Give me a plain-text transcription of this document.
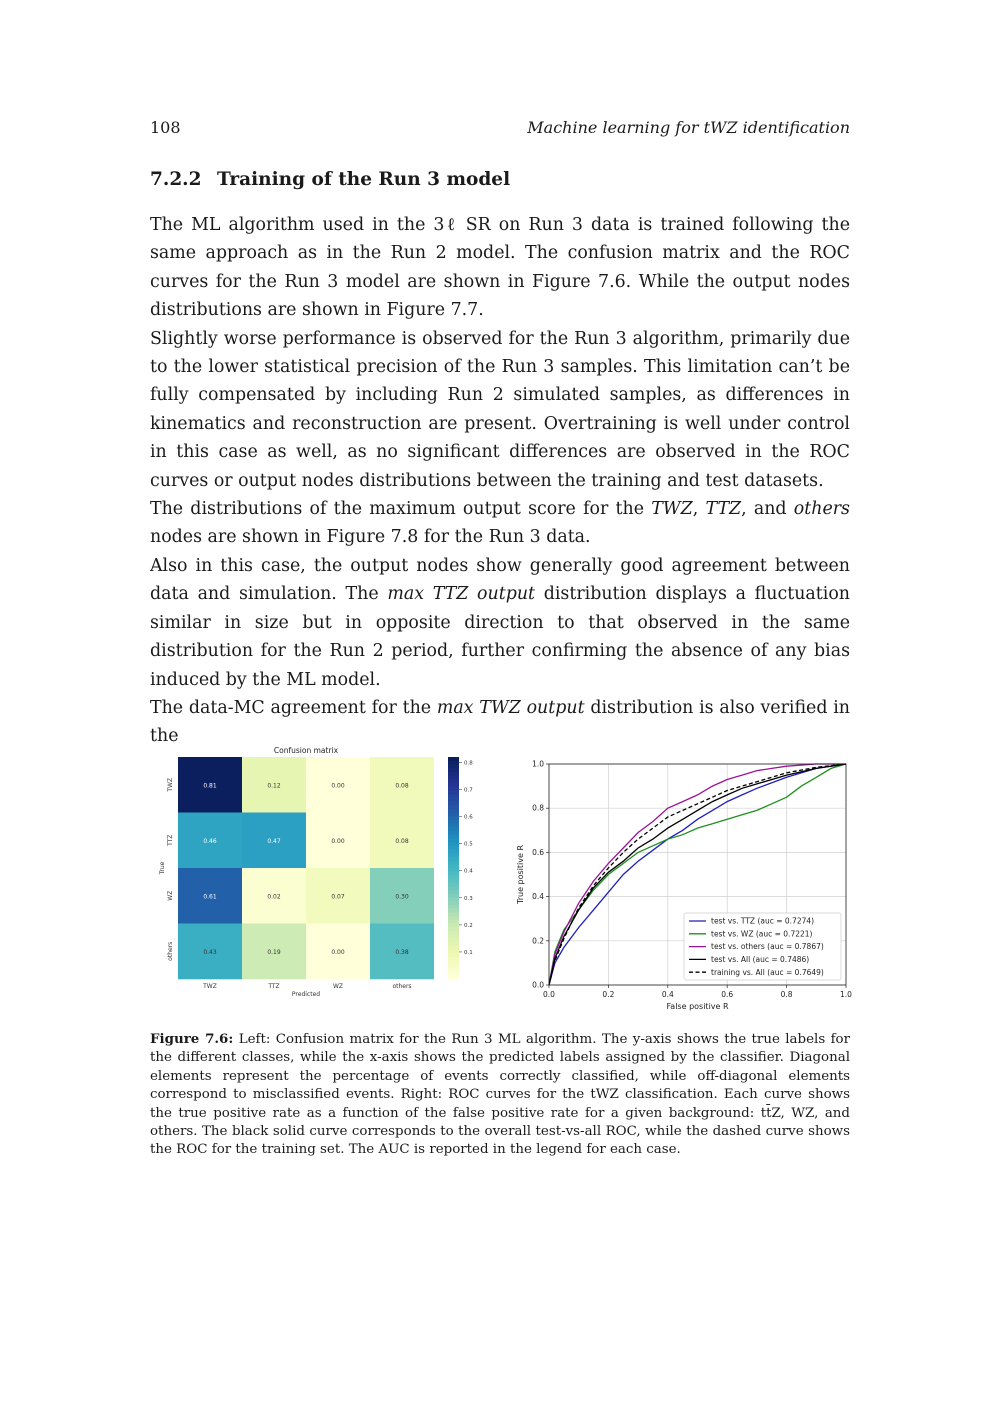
108	Machine learning for tWZ identification
7.2.2 Training of the Run 3 model

The ML algorithm used in the 3ℓ SR on Run 3 data is trained following the same approach as in the Run 2 model. The confusion matrix and the ROC curves for the Run 3 model are shown in Figure 7.6. While the output nodes distributions are shown in Figure 7.7.

Slightly worse performance is observed for the Run 3 algorithm, primarily due to the lower statistical precision of the Run 3 samples. This limitation can’t be fully compensated by including Run 2 simulated samples, as differences in kinematics and reconstruction are present. Overtraining is well under control in this case as well, as no significant differences are observed in the ROC curves or output nodes distributions between the training and test datasets.

The distributions of the maximum output score for the TWZ, TTZ, and others nodes are shown in Figure 7.8 for the Run 3 data.

Also in this case, the output nodes show generally good agreement between data and simulation. The max TTZ output distribution displays a fluctuation similar in size but in opposite direction to that observed in the same distribution for the Run 2 period, further confirming the absence of any bias induced by the ML model.

The data-MC agreement for the max TWZ output distribution is also verified in the

Confusion matrix
0.81	0.12	0.00	0.08
0.46	0.47	0.00	0.08
0.61	0.02	0.07	0.30
0.43	0.19	0.00	0.38
TWZ	TTZ	WZ	others
TWZ
TTZ
WZ
others
Predicted
True
0.1
0.2
0.3
0.4
0.5
0.6
0.7
0.8
0.0
0.0
0.2
0.2
0.4
0.4
0.6
0.6
0.8
0.8
1.0
1.0
False positive R
True positive R
test vs. TTZ (auc = 0.7274)
test vs. WZ (auc = 0.7221)
test vs. others (auc = 0.7867)
test vs. All (auc = 0.7486)
training vs. All (auc = 0.7649)
Figure 7.6: Left: Confusion matrix for the Run 3 ML algorithm. The y-axis shows the true labels for the different classes, while the x-axis shows the predicted labels assigned by the classifier. Diagonal elements represent the percentage of events correctly classified, while off-diagonal elements correspond to misclassified events. Right: ROC curves for the tWZ classification. Each curve shows the true positive rate as a function of the false positive rate for a given background: tt̄Z, WZ, and others. The black solid curve corresponds to the overall test-vs-all ROC, while the dashed curve shows the ROC for the training set. The AUC is reported in the legend for each case.
